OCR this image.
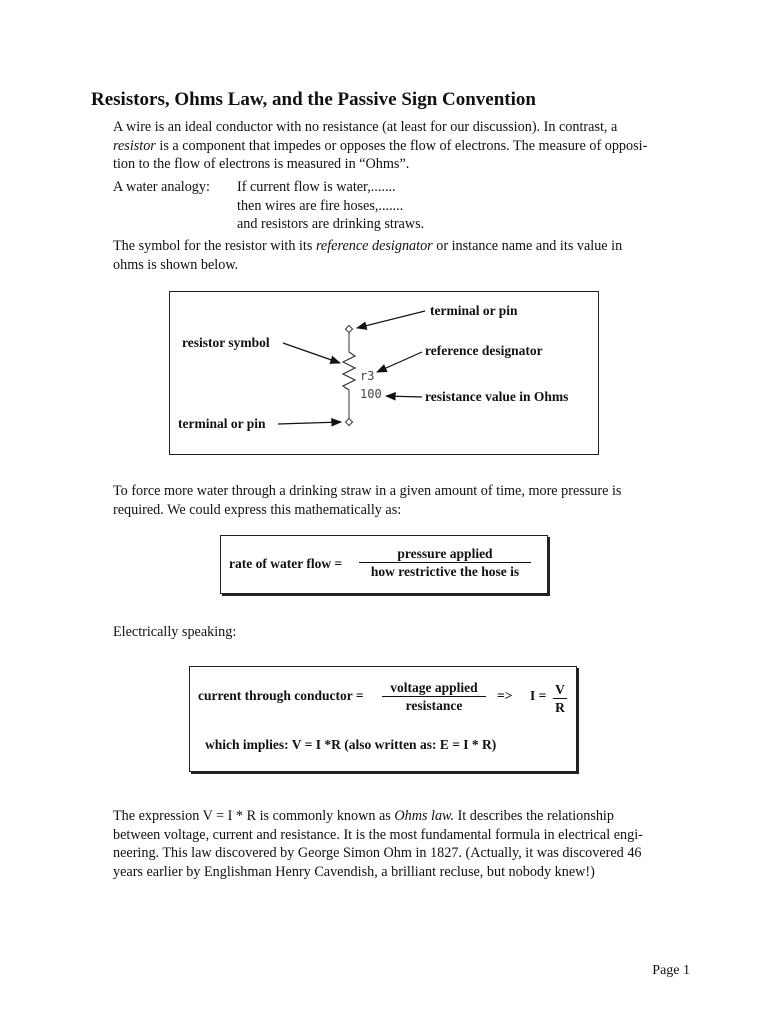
Resistors, Ohms Law, and the Passive Sign Convention
A wire is an ideal conductor with no resistance (at least for our discussion). In contrast, a
resistor is a component that impedes or opposes the flow of electrons. The measure of opposi-
tion to the flow of electrons is measured in “Ohms”.
A water analogy:	If current flow is water,.......
then wires are fire hoses,.......
and resistors are drinking straws.
The symbol for the resistor with its reference designator or instance name and its value in
ohms is shown below.
terminal or pin
resistor symbol
reference designator
resistance value in Ohms
terminal or pin
r3
100
To force more water through a drinking straw in a given amount of time, more pressure is
required. We could express this mathematically as:
rate of water flow =
pressure applied
how restrictive the hose is
Electrically speaking:
current through conductor =
voltage applied
resistance
=> $I = \frac{V}{R}$
which implies: V = I *R (also written as: E = I * R)
The expression V = I * R is commonly known as Ohms law. It describes the relationship
between voltage, current and resistance. It is the most fundamental formula in electrical engi-
neering. This law discovered by George Simon Ohm in 1827. (Actually, it was discovered 46
years earlier by Englishman Henry Cavendish, a brilliant recluse, but nobody knew!)
Page 1
